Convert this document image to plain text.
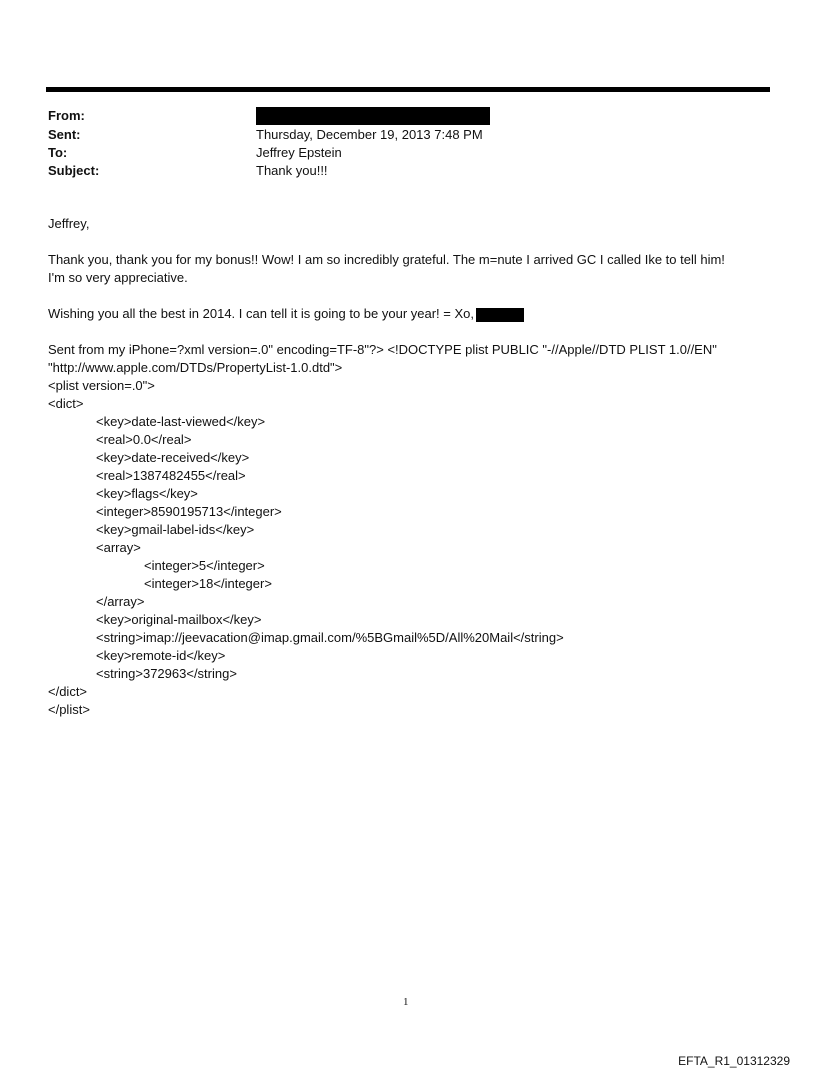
From:
Sent:	Thursday, December 19, 2013 7:48 PM
To:	Jeffrey Epstein
Subject:	Thank you!!!
Jeffrey,
Thank you, thank you for my bonus!! Wow! I am so incredibly grateful. The m=nute I arrived GC I called Ike to tell him!
I'm so very appreciative.
Wishing you all the best in 2014. I can tell it is going to be your year! = Xo,
Sent from my iPhone=?xml version=.0" encoding=TF-8"?> <!DOCTYPE plist PUBLIC "-//Apple//DTD PLIST 1.0//EN"
"http://www.apple.com/DTDs/PropertyList-1.0.dtd">
<plist version=.0">
<dict>
<key>date-last-viewed</key>
<real>0.0</real>
<key>date-received</key>
<real>1387482455</real>
<key>flags</key>
<integer>8590195713</integer>
<key>gmail-label-ids</key>
<array>
<integer>5</integer>
<integer>18</integer>
</array>
<key>original-mailbox</key>
<string>imap://jeevacation@imap.gmail.com/%5BGmail%5D/All%20Mail</string>
<key>remote-id</key>
<string>372963</string>
</dict>
</plist>
1
EFTA_R1_01312329
